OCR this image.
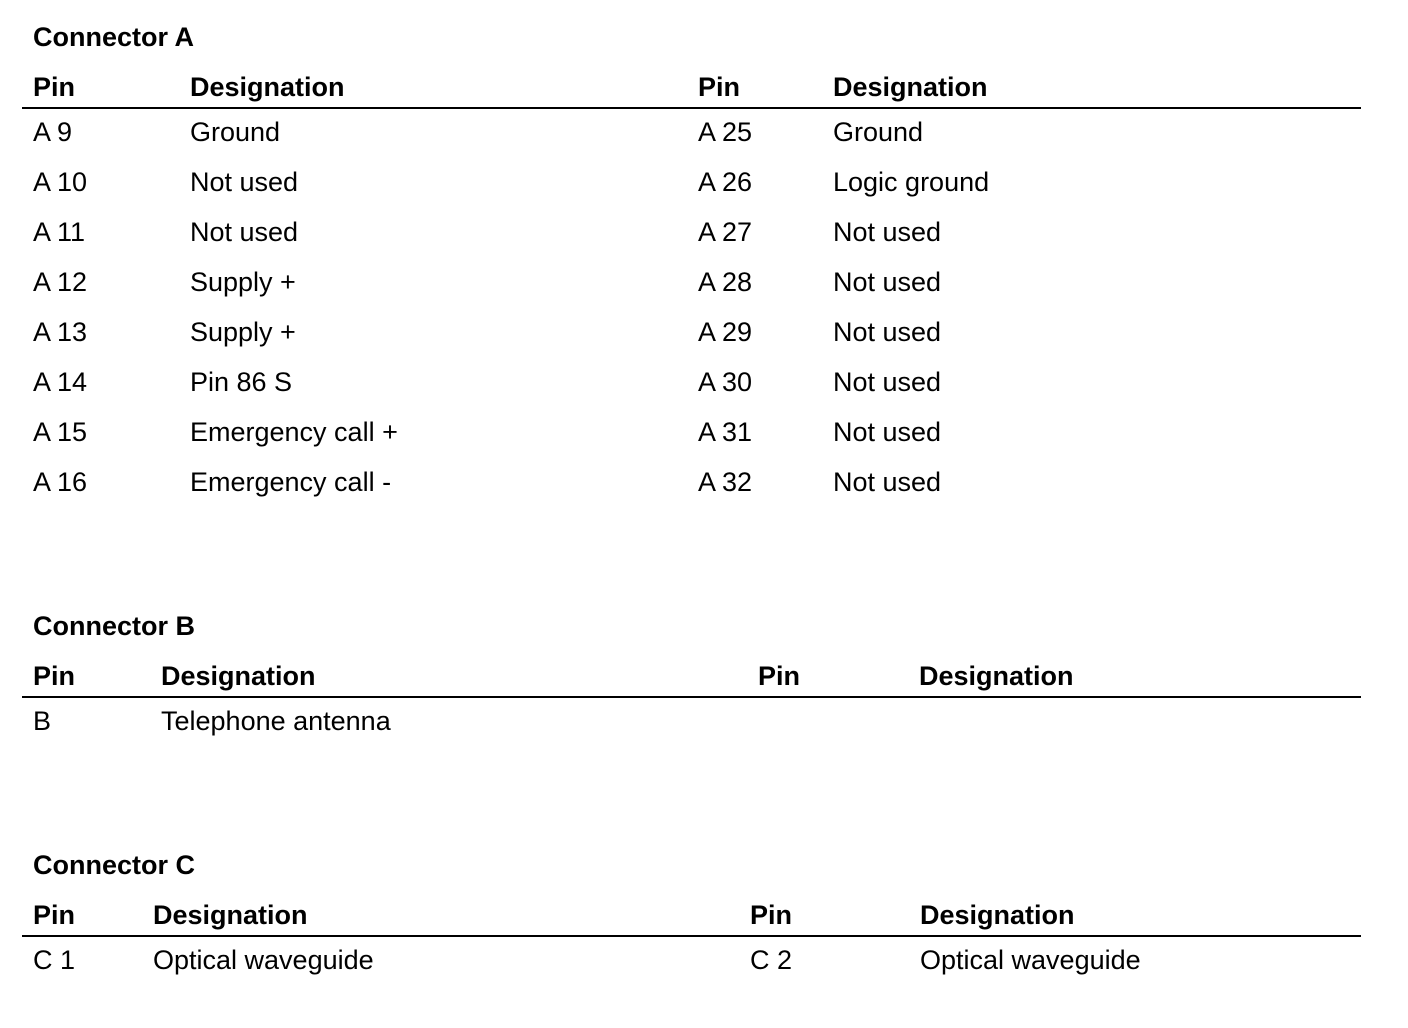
Connector A
Pin	Designation	Pin	Designation
A 9	Ground	A 25	Ground
A 10	Not used	A 26	Logic ground
A 11	Not used	A 27	Not used
A 12	Supply +	A 28	Not used
A 13	Supply +	A 29	Not used
A 14	Pin 86 S	A 30	Not used
A 15	Emergency call +	A 31	Not used
A 16	Emergency call -	A 32	Not used
Connector B
Pin	Designation	Pin	Designation
B	Telephone antenna
Connector C
Pin	Designation	Pin	Designation
C 1	Optical waveguide	C 2	Optical waveguide
